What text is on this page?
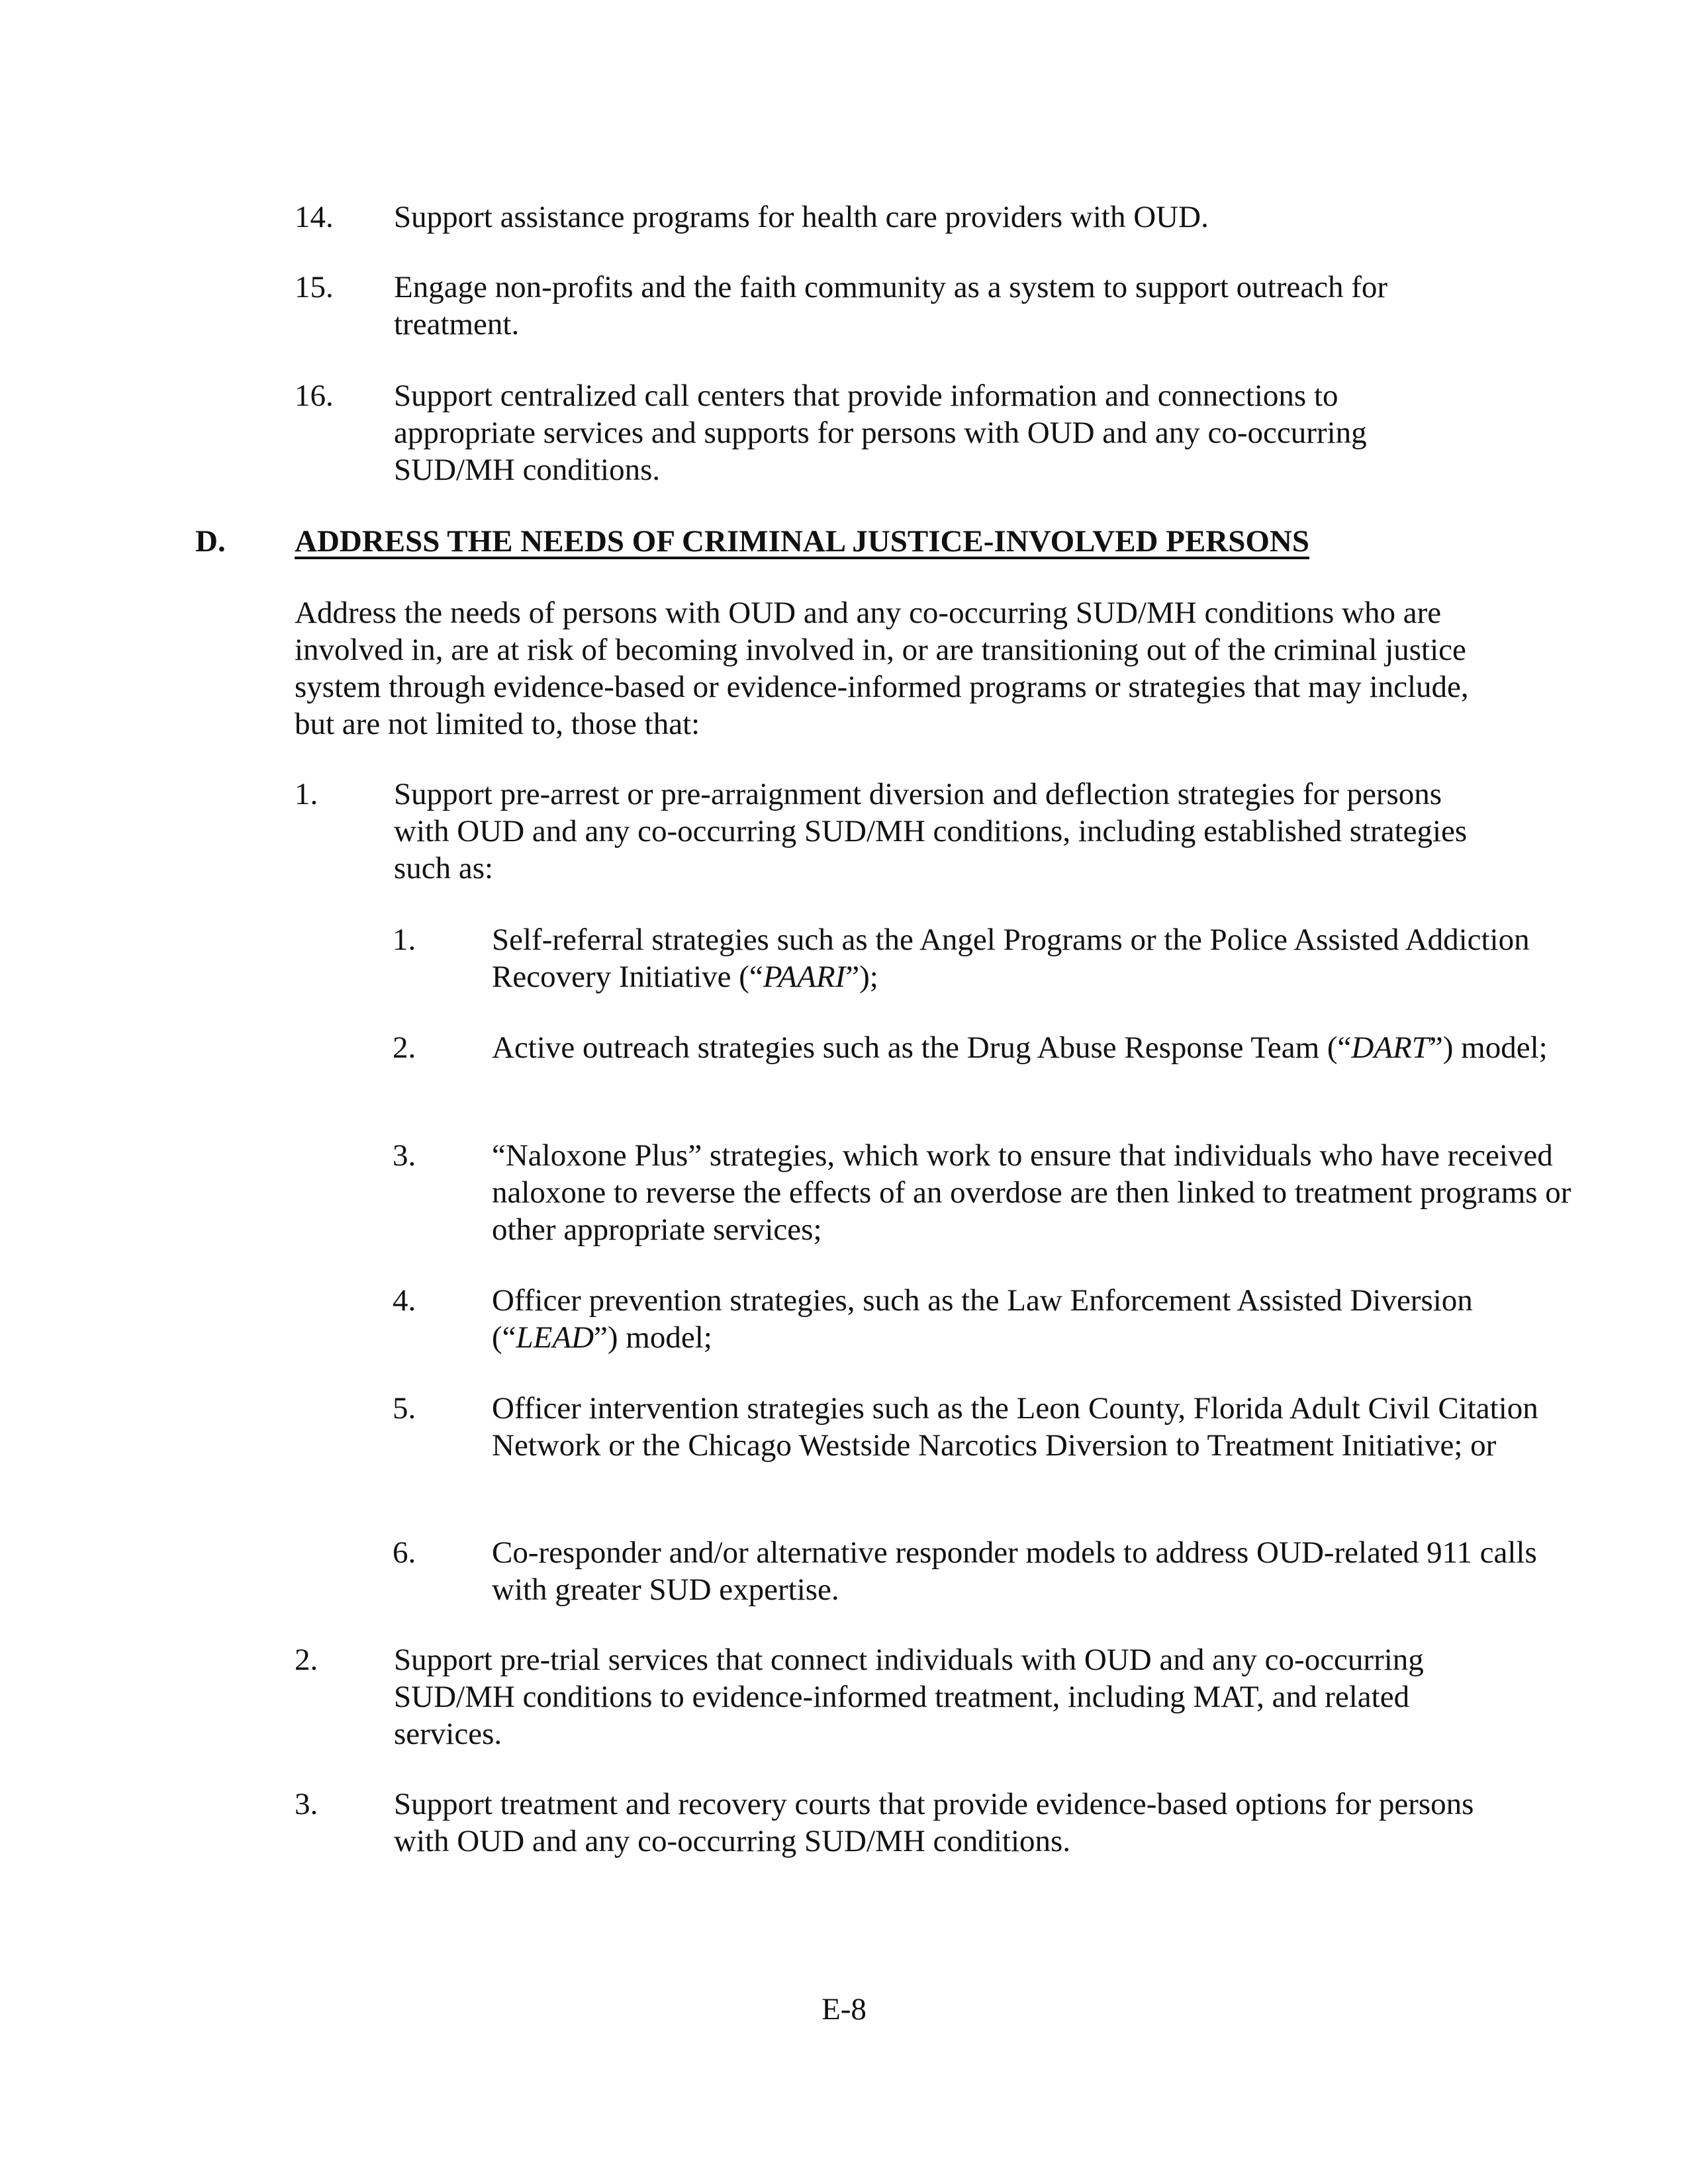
14. Support assistance programs for health care providers with OUD.
15. Engage non-profits and the faith community as a system to support outreach for treatment.
16. Support centralized call centers that provide information and connections to appropriate services and supports for persons with OUD and any co-occurring SUD/MH conditions.
D. ADDRESS THE NEEDS OF CRIMINAL JUSTICE-INVOLVED PERSONS
Address the needs of persons with OUD and any co-occurring SUD/MH conditions who are involved in, are at risk of becoming involved in, or are transitioning out of the criminal justice system through evidence-based or evidence-informed programs or strategies that may include, but are not limited to, those that:
1. Support pre-arrest or pre-arraignment diversion and deflection strategies for persons with OUD and any co-occurring SUD/MH conditions, including established strategies such as:
1. Self-referral strategies such as the Angel Programs or the Police Assisted Addiction Recovery Initiative (“PAARI”);
2. Active outreach strategies such as the Drug Abuse Response Team (“DART”) model;
3. “Naloxone Plus” strategies, which work to ensure that individuals who have received naloxone to reverse the effects of an overdose are then linked to treatment programs or other appropriate services;
4. Officer prevention strategies, such as the Law Enforcement Assisted Diversion (“LEAD”) model;
5. Officer intervention strategies such as the Leon County, Florida Adult Civil Citation Network or the Chicago Westside Narcotics Diversion to Treatment Initiative; or
6. Co-responder and/or alternative responder models to address OUD-related 911 calls with greater SUD expertise.
2. Support pre-trial services that connect individuals with OUD and any co-occurring SUD/MH conditions to evidence-informed treatment, including MAT, and related services.
3. Support treatment and recovery courts that provide evidence-based options for persons with OUD and any co-occurring SUD/MH conditions.
E-8
